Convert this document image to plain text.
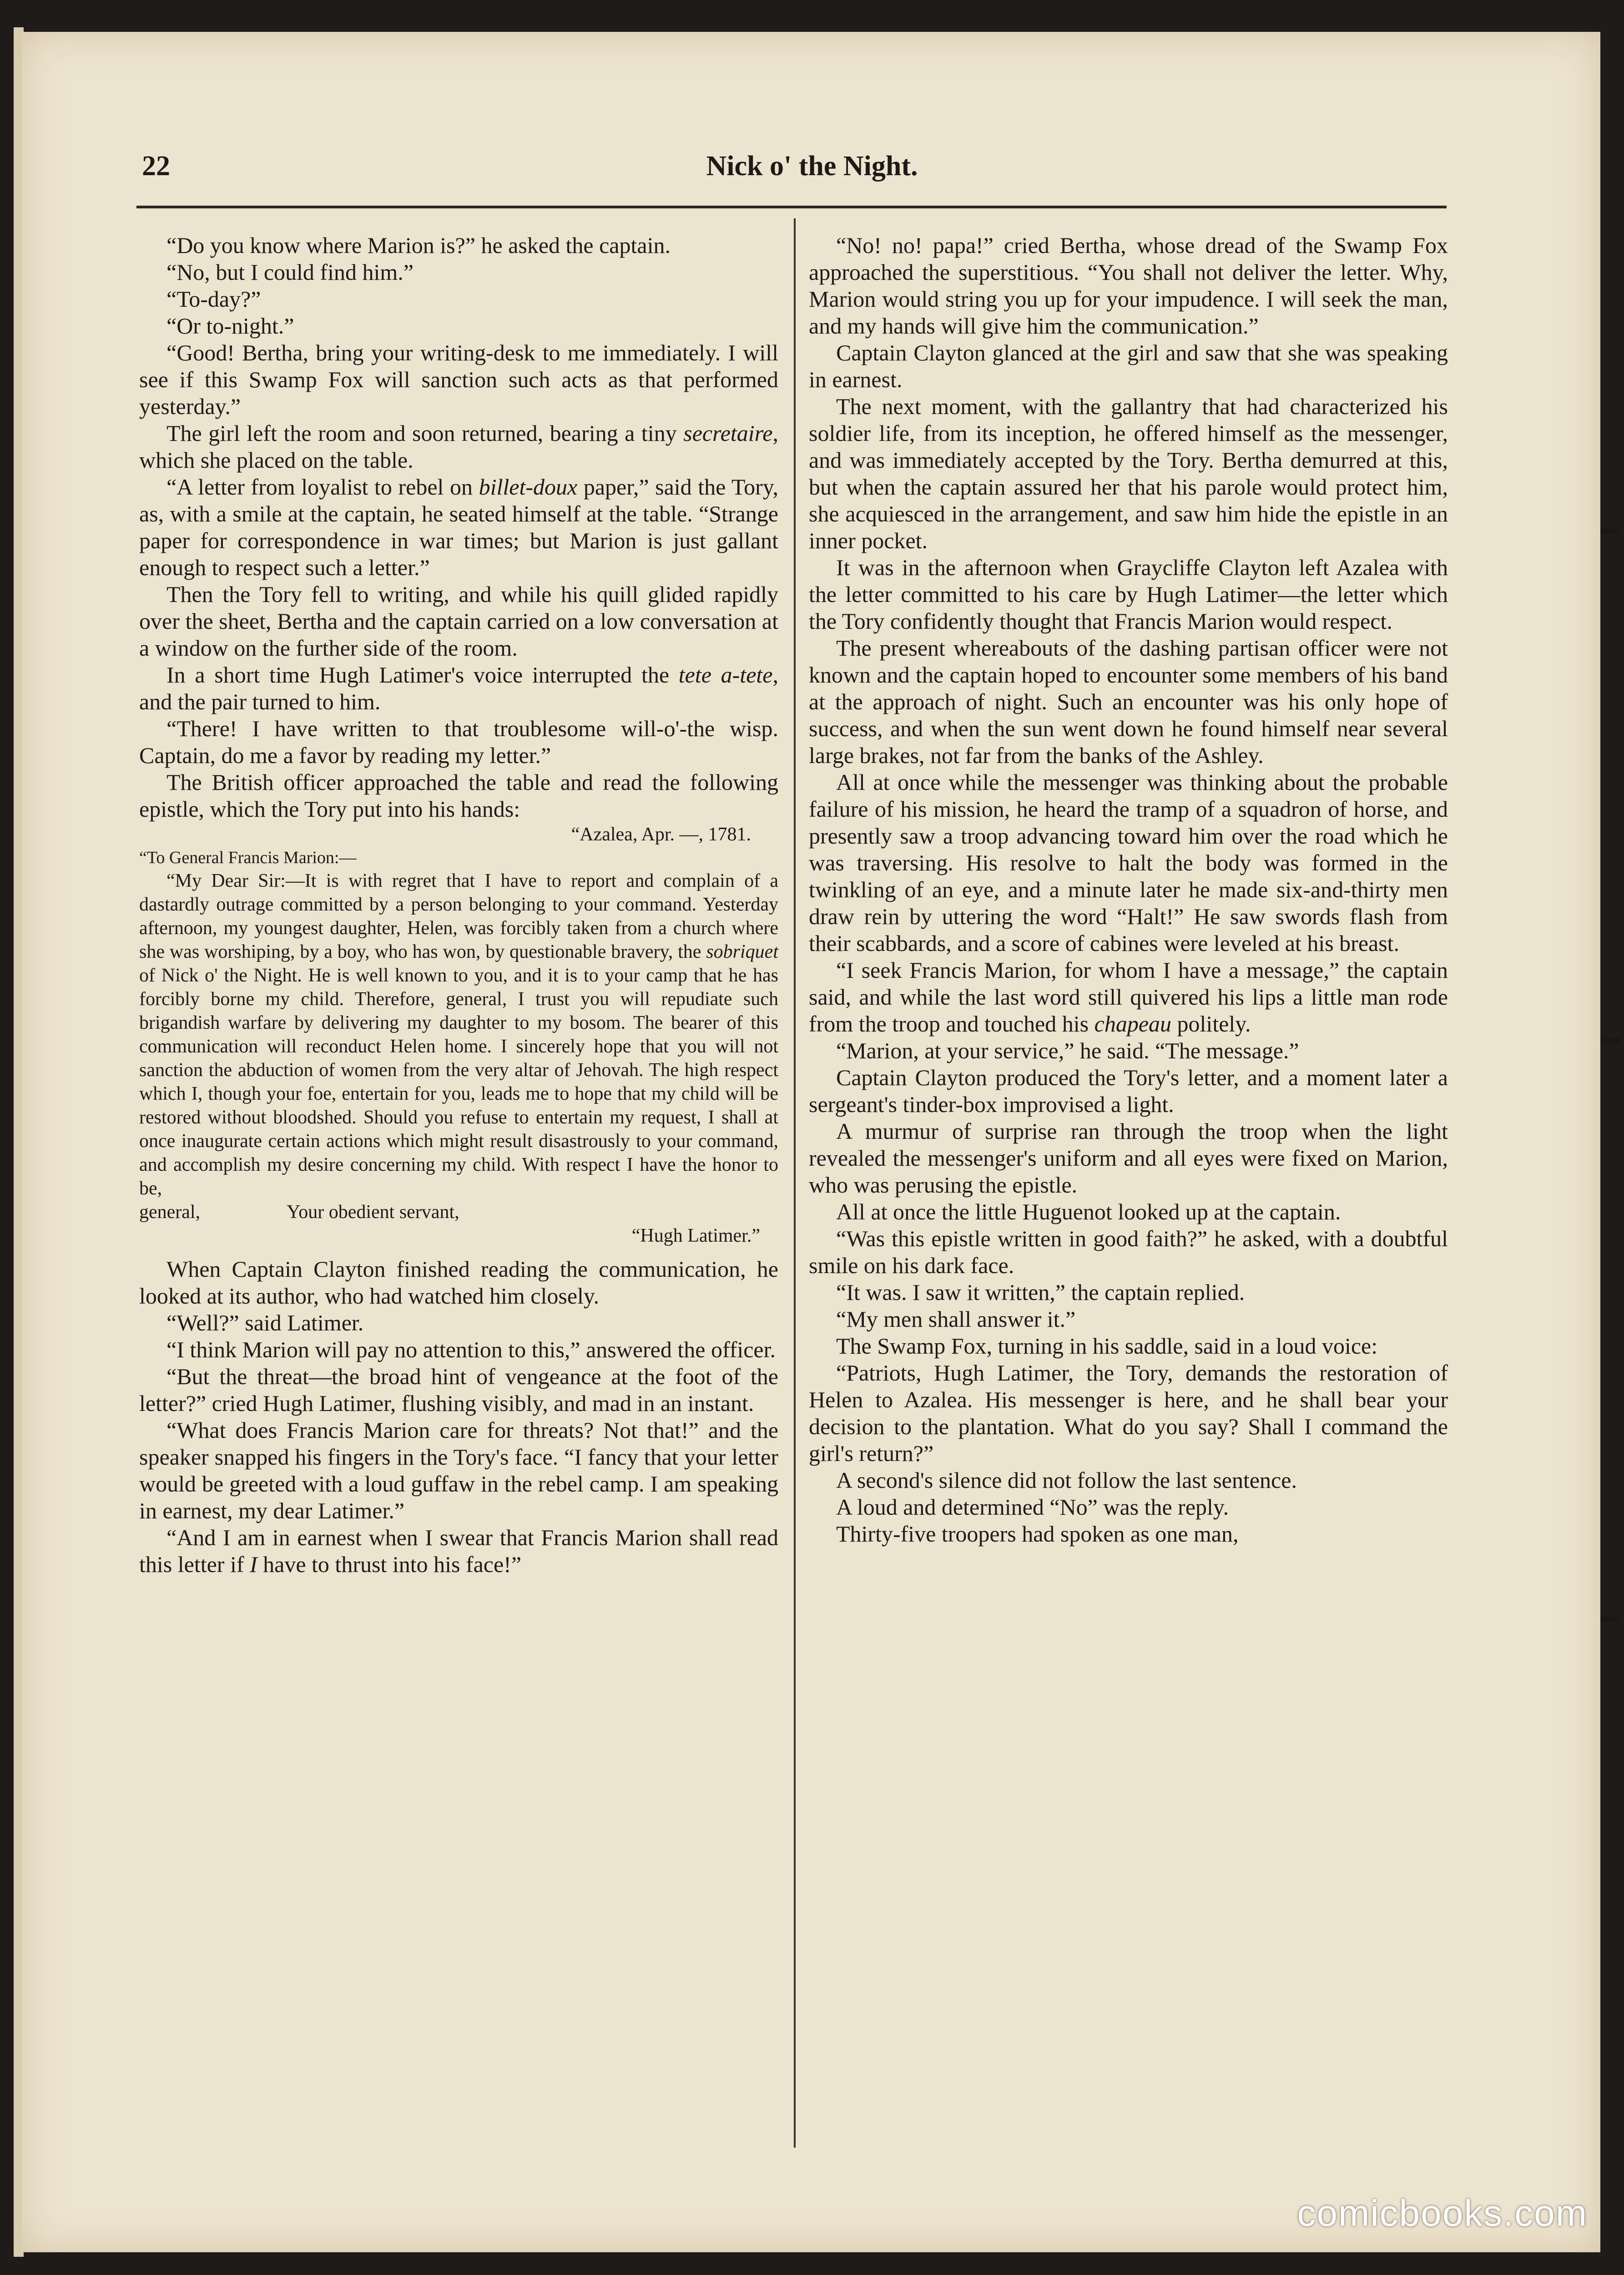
22	Nick o' the Night.

“Do you know where Marion is?” he asked the captain.

“No, but I could find him.”

“To-day?”

“Or to-night.”

“Good! Bertha, bring your writing-desk to me immediately. I will see if this Swamp Fox will sanction such acts as that performed yesterday.”

The girl left the room and soon returned, bearing a tiny secretaire, which she placed on the table.

“A letter from loyalist to rebel on billet-doux paper,” said the Tory, as, with a smile at the captain, he seated himself at the table. “Strange paper for correspondence in war times; but Marion is just gallant enough to respect such a letter.”

Then the Tory fell to writing, and while his quill glided rapidly over the sheet, Bertha and the captain carried on a low conversation at a window on the further side of the room.

In a short time Hugh Latimer's voice interrupted the tete a-tete, and the pair turned to him.

“There! I have written to that troublesome will-o'-the wisp. Captain, do me a favor by reading my letter.”

The British officer approached the table and read the following epistle, which the Tory put into his hands:

“Azalea, Apr. —, 1781.

“To General Francis Marion:—

“My Dear Sir:—It is with regret that I have to report and complain of a dastardly outrage committed by a person belonging to your command. Yesterday afternoon, my youngest daughter, Helen, was forcibly taken from a church where she was worshiping, by a boy, who has won, by questionable bravery, the sobriquet of Nick o' the Night. He is well known to you, and it is to your camp that he has forcibly borne my child. Therefore, general, I trust you will repudiate such brigandish warfare by delivering my daughter to my bosom. The bearer of this communication will reconduct Helen home. I sincerely hope that you will not sanction the abduction of women from the very altar of Jehovah. The high respect which I, though your foe, entertain for you, leads me to hope that my child will be restored without bloodshed. Should you refuse to entertain my request, I shall at once inaugurate certain actions which might result disastrously to your command, and accomplish my desire concerning my child. With respect I have the honor to be,

general,	Your obedient servant,

“Hugh Latimer.”

When Captain Clayton finished reading the communication, he looked at its author, who had watched him closely.

“Well?” said Latimer.

“I think Marion will pay no attention to this,” answered the officer.

“But the threat—the broad hint of vengeance at the foot of the letter?” cried Hugh Latimer, flushing visibly, and mad in an instant.

“What does Francis Marion care for threats? Not that!” and the speaker snapped his fingers in the Tory's face. “I fancy that your letter would be greeted with a loud guffaw in the rebel camp. I am speaking in earnest, my dear Latimer.”

“And I am in earnest when I swear that Francis Marion shall read this letter if I have to thrust into his face!”

“No! no! papa!” cried Bertha, whose dread of the Swamp Fox approached the superstitious. “You shall not deliver the letter. Why, Marion would string you up for your impudence. I will seek the man, and my hands will give him the communication.”

Captain Clayton glanced at the girl and saw that she was speaking in earnest.

The next moment, with the gallantry that had characterized his soldier life, from its inception, he offered himself as the messenger, and was immediately accepted by the Tory. Bertha demurred at this, but when the captain assured her that his parole would protect him, she acquiesced in the arrangement, and saw him hide the epistle in an inner pocket.

It was in the afternoon when Graycliffe Clayton left Azalea with the letter committed to his care by Hugh Latimer—the letter which the Tory confidently thought that Francis Marion would respect.

The present whereabouts of the dashing partisan officer were not known and the captain hoped to encounter some members of his band at the approach of night. Such an encounter was his only hope of success, and when the sun went down he found himself near several large brakes, not far from the banks of the Ashley.

All at once while the messenger was thinking about the probable failure of his mission, he heard the tramp of a squadron of horse, and presently saw a troop advancing toward him over the road which he was traversing. His resolve to halt the body was formed in the twinkling of an eye, and a minute later he made six-and-thirty men draw rein by uttering the word “Halt!” He saw swords flash from their scabbards, and a score of cabines were leveled at his breast.

“I seek Francis Marion, for whom I have a message,” the captain said, and while the last word still quivered his lips a little man rode from the troop and touched his chapeau politely.

“Marion, at your service,” he said. “The message.”

Captain Clayton produced the Tory's letter, and a moment later a sergeant's tinder-box improvised a light.

A murmur of surprise ran through the troop when the light revealed the messenger's uniform and all eyes were fixed on Marion, who was perusing the epistle.

All at once the little Huguenot looked up at the captain.

“Was this epistle written in good faith?” he asked, with a doubtful smile on his dark face.

“It was. I saw it written,” the captain replied.

“My men shall answer it.”

The Swamp Fox, turning in his saddle, said in a loud voice:

“Patriots, Hugh Latimer, the Tory, demands the restoration of Helen to Azalea. His messenger is here, and he shall bear your decision to the plantation. What do you say? Shall I command the girl's return?”

A second's silence did not follow the last sentence.

A loud and determined “No” was the reply.

Thirty-five troopers had spoken as one man,

comicbooks.com
